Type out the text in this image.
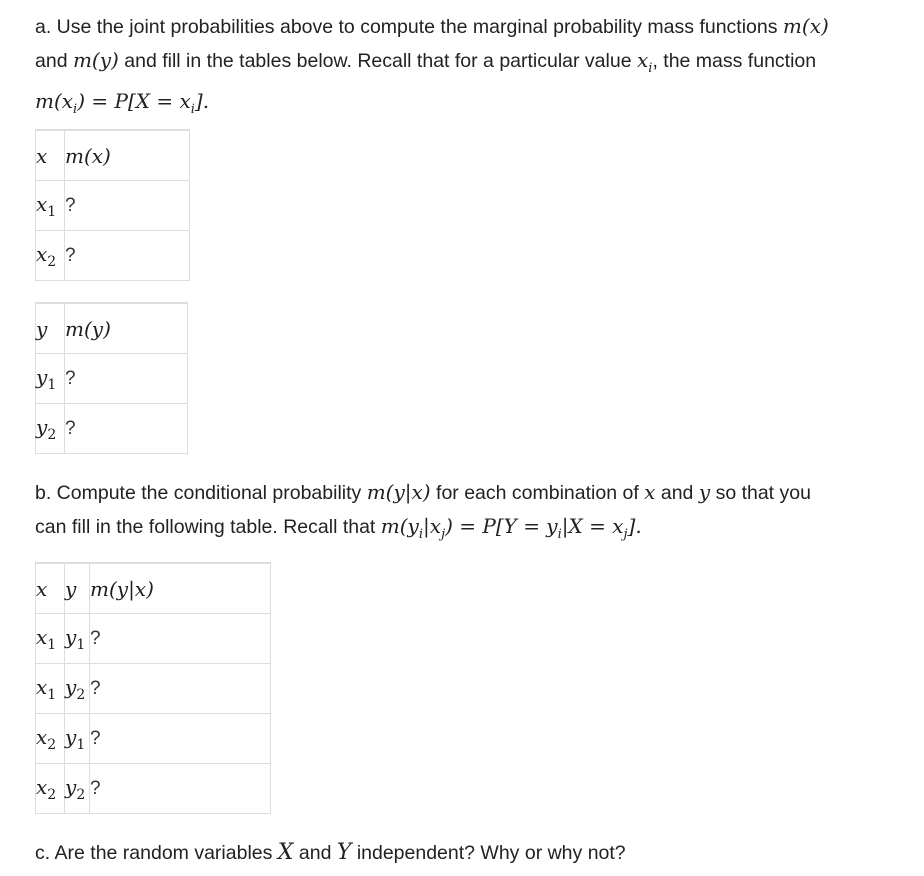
a. Use the joint probabilities above to compute the marginal probability mass functions m(x)
and m(y) and fill in the tables below. Recall that for a particular value $x_i$, the mass function
$m(x_i) = P[X = x_i]$.
x	m(x)
$x_1$	?
$x_2$	?
y	m(y)
$y_1$	?
$y_2$	?
b. Compute the conditional probability m(y|x) for each combination of x and y so that you
can fill in the following table. Recall that $m(y_i|x_j) = P[Y = y_i|X = x_j]$.
x	y	m(y|x)
$x_1$	$y_1$	?
$x_1$	$y_2$	?
$x_2$	$y_1$	?
$x_2$	$y_2$	?
c. Are the random variables X and Y independent? Why or why not?
